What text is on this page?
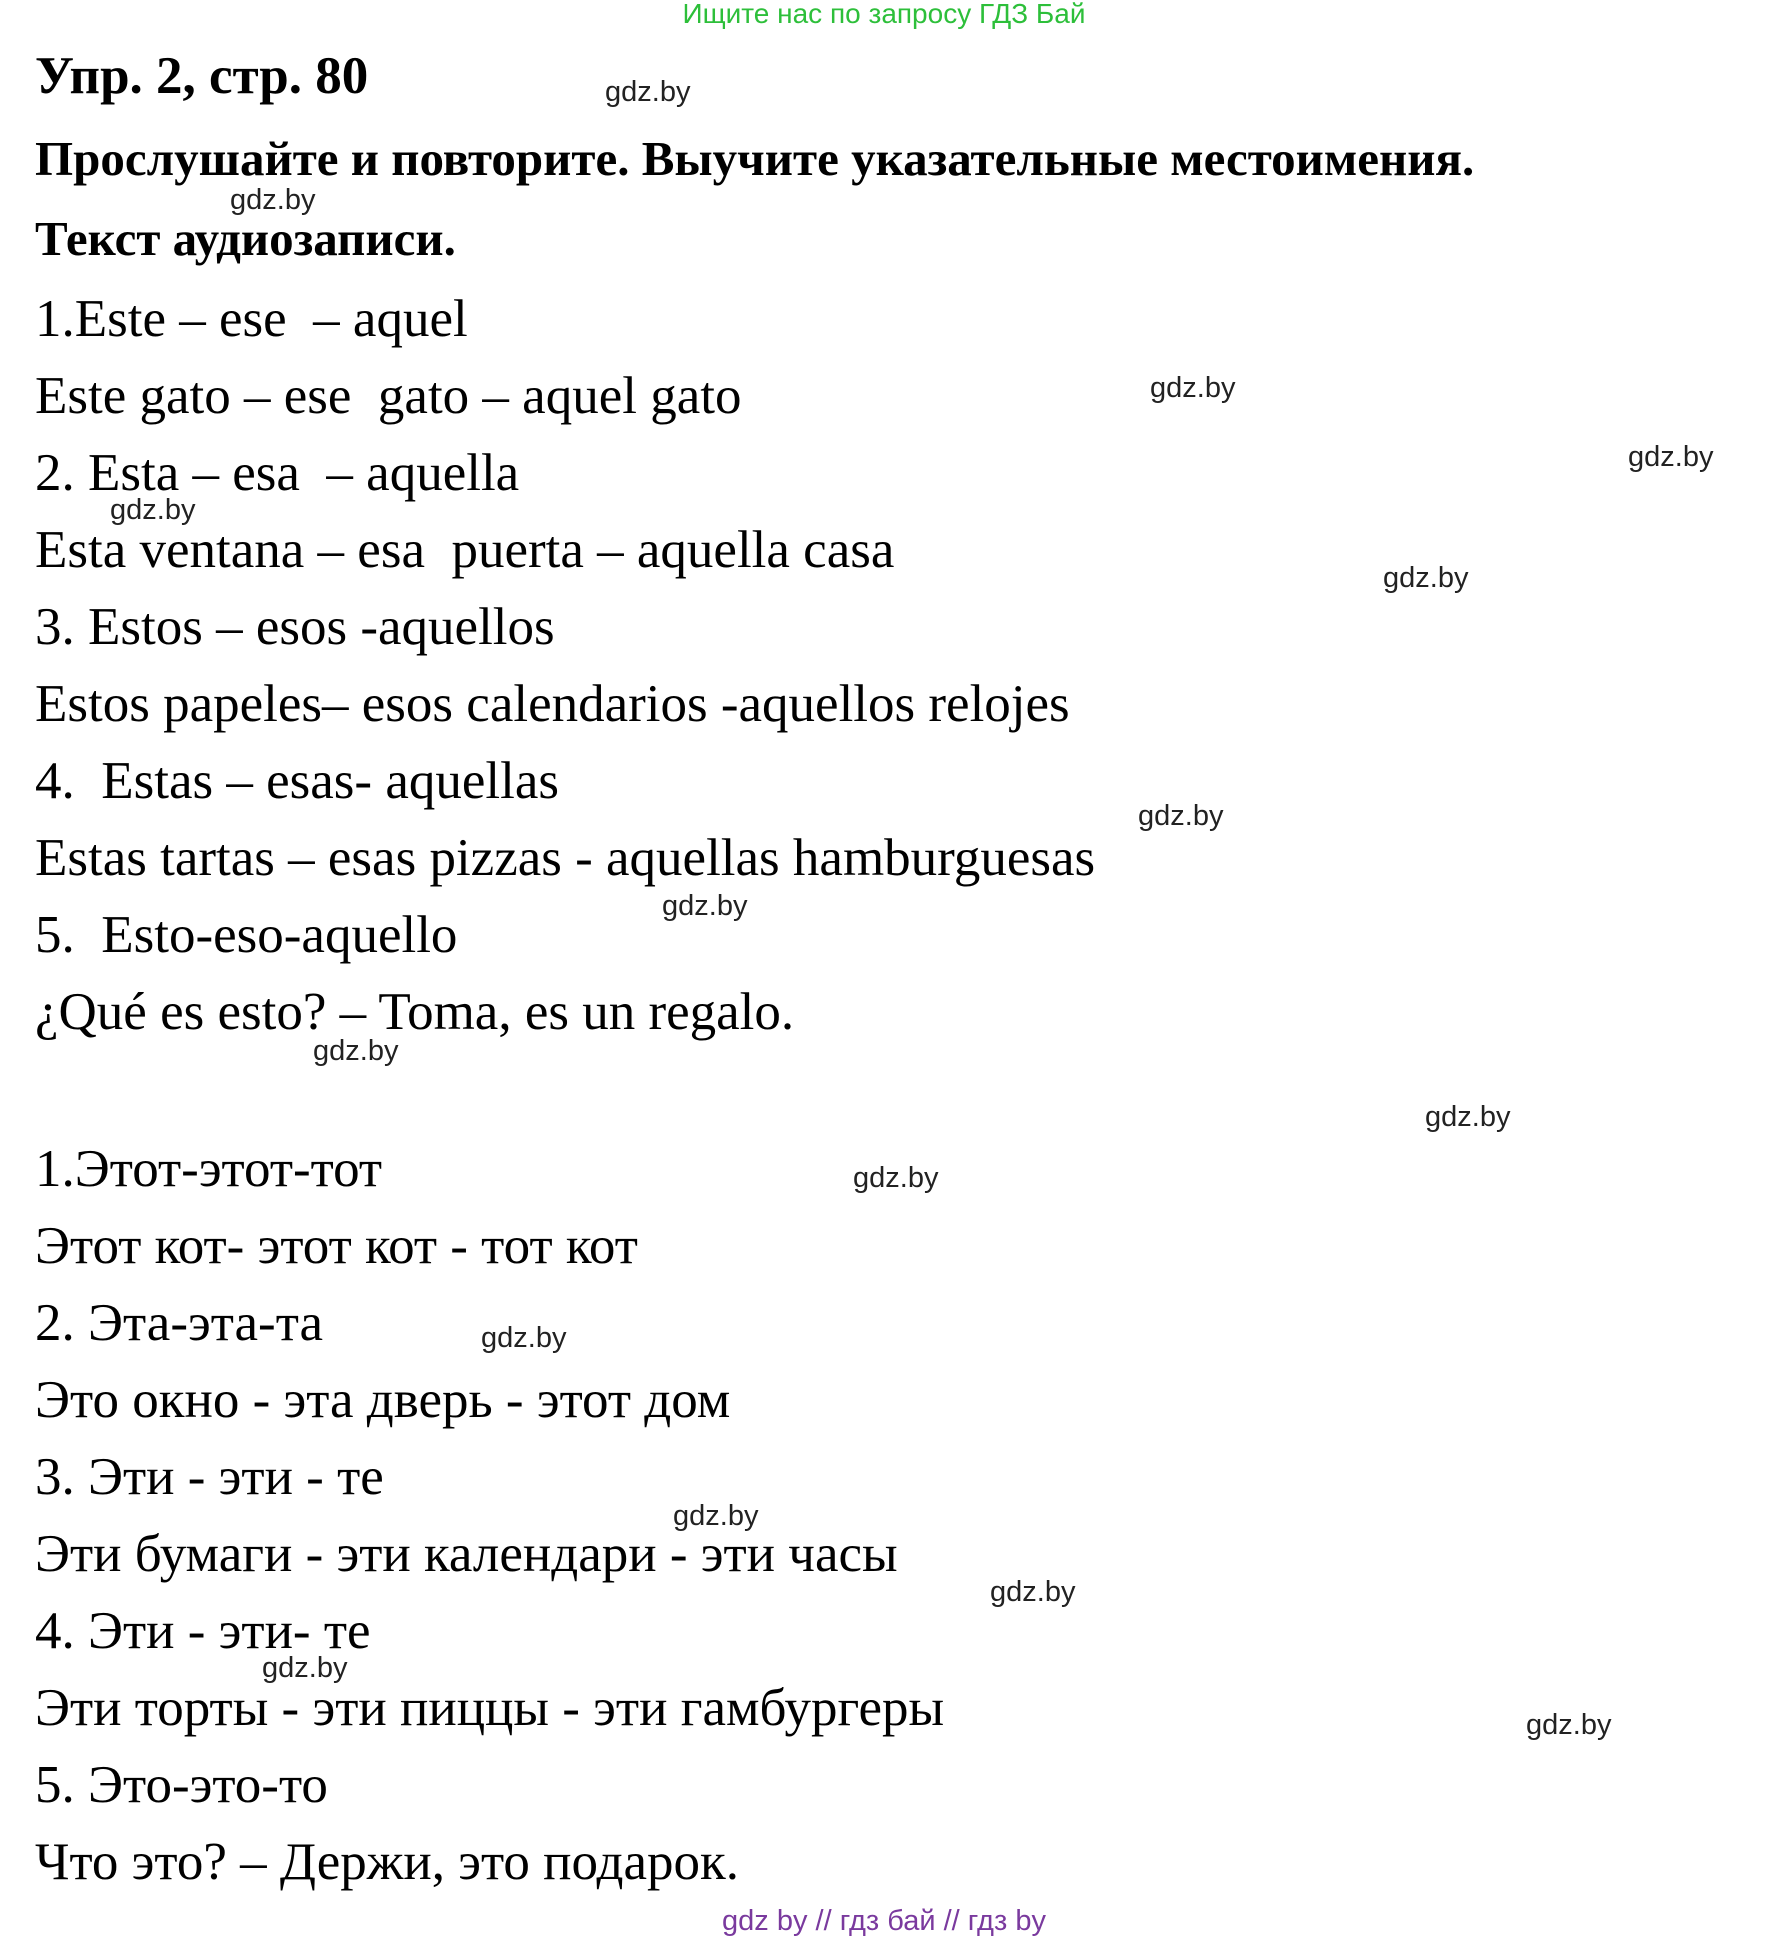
Ищите нас по запросу ГДЗ Бай
Упр. 2, стр. 80
Прослушайте и повторите. Выучите указательные местоимения.
Текст аудиозаписи.
1.Este – ese  – aquel
Este gato – ese  gato – aquel gato
2. Esta – esa  – aquella
Esta ventana – esa  puerta – aquella casa
3. Estos – esos -aquellos
Estos papeles– esos calendarios -aquellos relojes
4.  Estas – esas- aquellas
Estas tartas – esas pizzas - aquellas hamburguesas
5.  Esto-eso-aquello
¿Qué es esto? – Toma, es un regalo.
1.Этот-этот-тот
Этот кот- этот кот - тот кот
2. Эта-эта-та
Это окно - эта дверь - этот дом
3. Эти - эти - те
Эти бумаги - эти календари - эти часы
4. Эти - эти- те
Эти торты - эти пиццы - эти гамбургеры
5. Это-это-то
Что это? – Держи, это подарок.
gdz.by
gdz.by
gdz.by
gdz.by
gdz.by
gdz.by
gdz.by
gdz.by
gdz.by
gdz.by
gdz.by
gdz.by
gdz.by
gdz.by
gdz.by
gdz.by
gdz by // гдз бай // гдз by
